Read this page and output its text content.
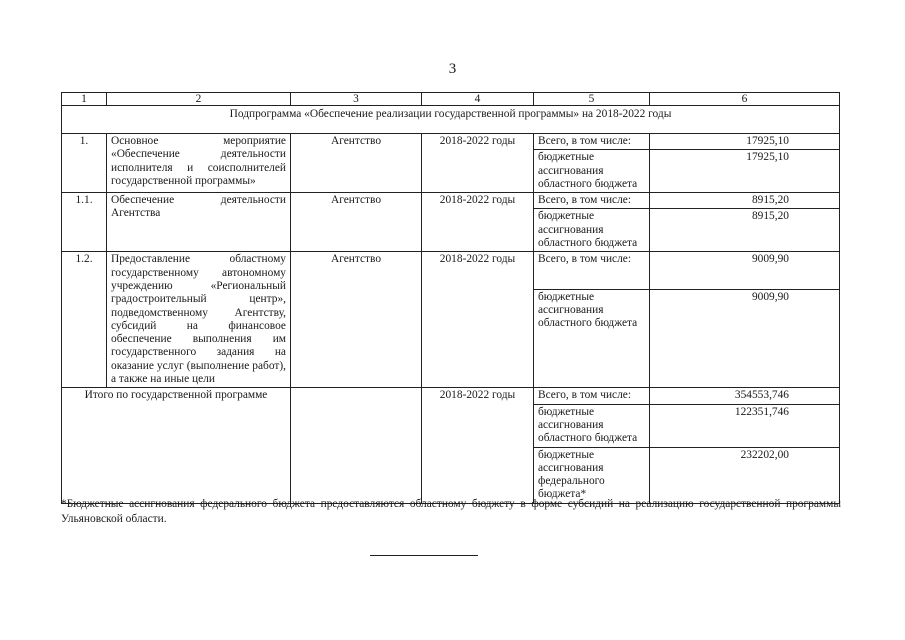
3
1	2	3	4	5	6
Подпрограмма «Обеспечение реализации государственной программы» на 2018-2022 годы					
1.	Основное мероприятие «Обеспечение деятельности исполнителя и соисполнителей государственной программы»	Агентство	2018-2022 годы	Всего, в том числе:	17925,10
				бюджетные ассигнования областного бюджета	17925,10
1.1.	Обеспечение деятельности Агентства	Агентство	2018-2022 годы	Всего, в том числе:	8915,20
				бюджетные ассигнования областного бюджета	8915,20
1.2.	Предоставление областному государственному автономному учреждению «Региональный градостроительный центр», подведомственному Агентству, субсидий на финансовое обеспечение выполнения им государственного задания на оказание услуг (выполнение работ), а также на иные цели	Агентство	2018-2022 годы	Всего, в том числе:	9009,90
				бюджетные ассигнования областного бюджета	9009,90
Итого по государственной программе			2018-2022 годы	Всего, в том числе:	354553,746
				бюджетные ассигнования областного бюджета	122351,746
				бюджетные ассигнования федерального бюджета*	232202,00
*Бюджетные ассигнования федерального бюджета предоставляются областному бюджету в форме субсидий на реализацию государственной программы Ульяновской области.
